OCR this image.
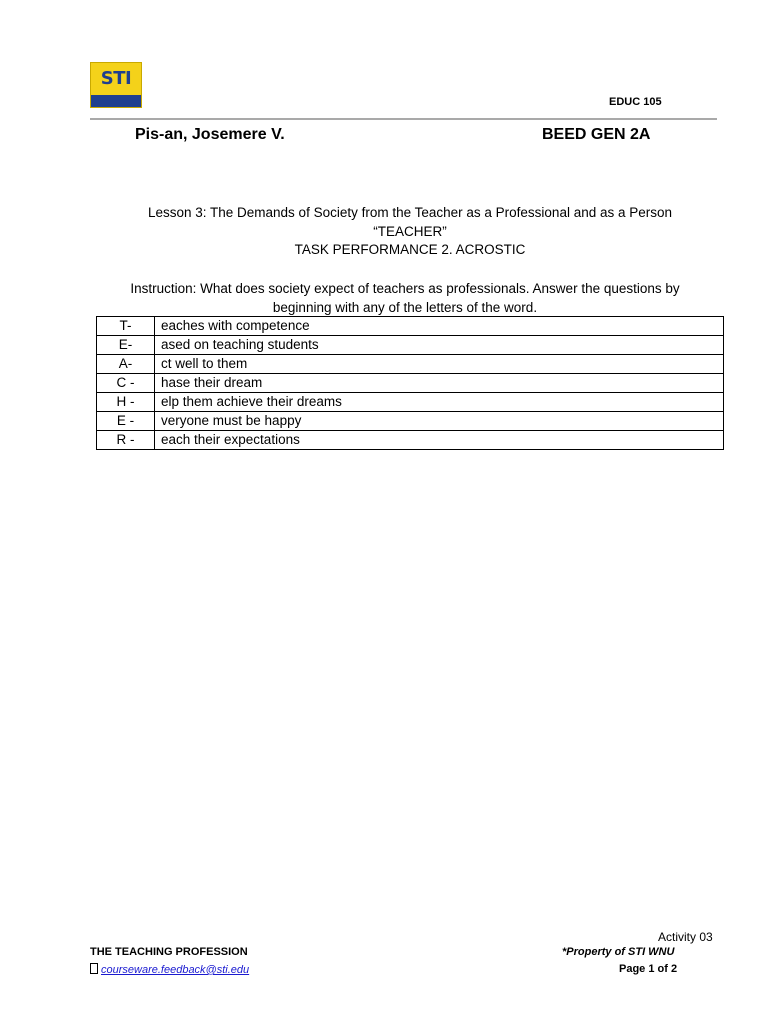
STI
EDUC 105
Pis-an, Josemere V.	BEED GEN 2A
Lesson 3: The Demands of Society from the Teacher as a Professional and as a Person
“TEACHER”
TASK PERFORMANCE 2. ACROSTIC
Instruction: What does society expect of teachers as professionals. Answer the questions by beginning with any of the letters of the word.
T-	eaches with competence
E-	ased on teaching students
A-	ct well to them
C -	hase their dream
H -	elp them achieve their dreams
E -	veryone must be happy
R -	each their expectations
Activity 03
THE TEACHING PROFESSION
courseware.feedback@sti.edu
*Property of STI WNU
Page 1 of 2
